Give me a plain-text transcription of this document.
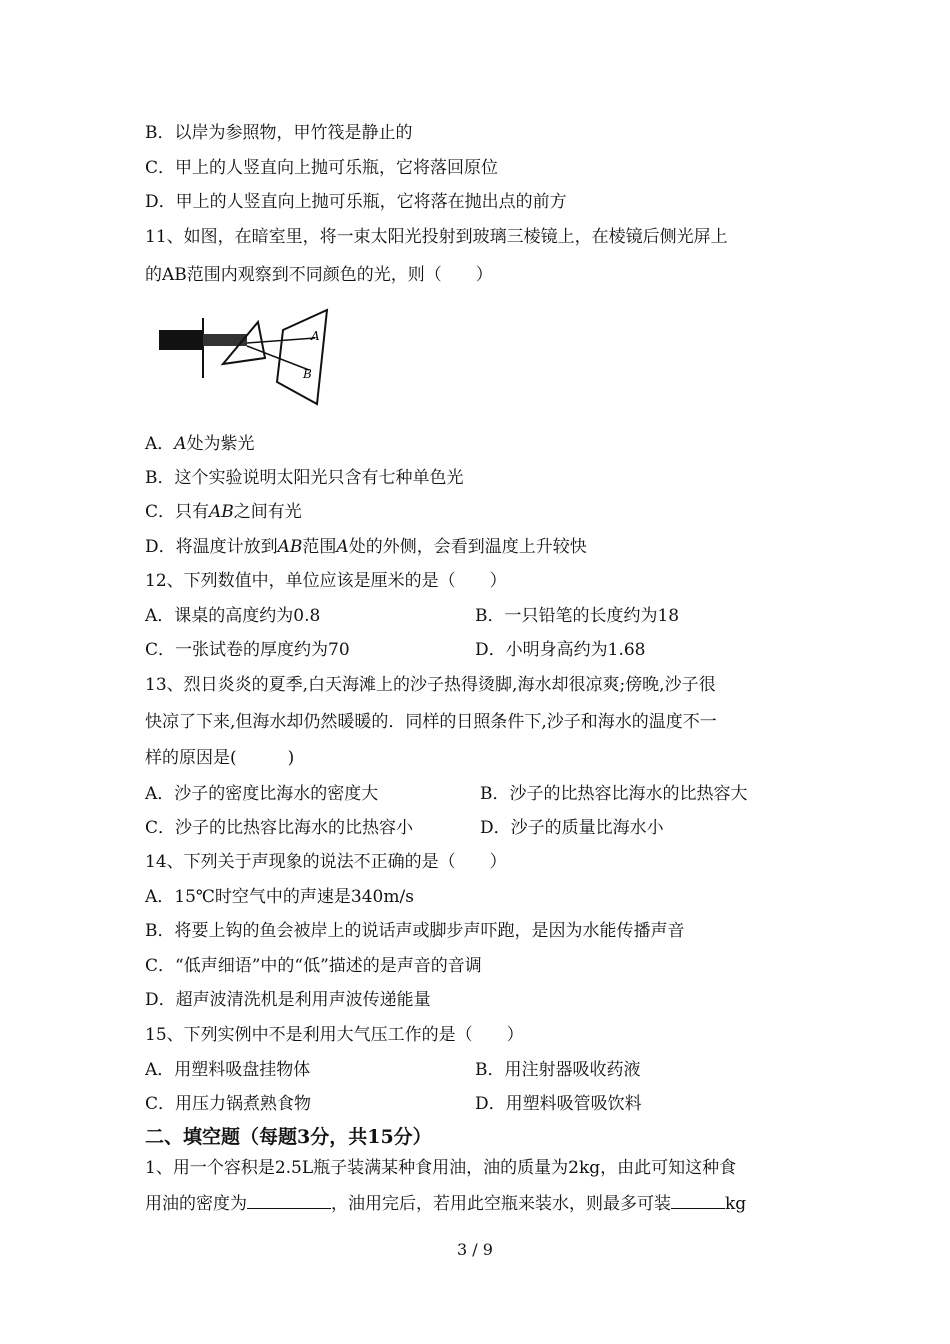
B．以岸为参照物，甲竹筏是静止的
C．甲上的人竖直向上抛可乐瓶，它将落回原位
D．甲上的人竖直向上抛可乐瓶，它将落在抛出点的前方
11、如图，在暗室里，将一束太阳光投射到玻璃三棱镜上，在棱镜后侧光屏上
的AB范围内观察到不同颜色的光，则（　　）
A
B
A．A处为紫光
B．这个实验说明太阳光只含有七种单色光
C．只有AB之间有光
D．将温度计放到AB范围A处的外侧，会看到温度上升较快
12、下列数值中，单位应该是厘米的是（　　）
A．课桌的高度约为0.8	B．一只铅笔的长度约为18
C．一张试卷的厚度约为70	D．小明身高约为1.68
13、烈日炎炎的夏季,白天海滩上的沙子热得烫脚,海水却很凉爽;傍晚,沙子很
快凉了下来,但海水却仍然暖暖的．同样的日照条件下,沙子和海水的温度不一
样的原因是(　　　)
A．沙子的密度比海水的密度大	B．沙子的比热容比海水的比热容大
C．沙子的比热容比海水的比热容小	D．沙子的质量比海水小
14、下列关于声现象的说法不正确的是（　　）
A．15℃时空气中的声速是340m/s
B．将要上钩的鱼会被岸上的说话声或脚步声吓跑，是因为水能传播声音
C．“低声细语”中的“低”描述的是声音的音调
D．超声波清洗机是利用声波传递能量
15、下列实例中不是利用大气压工作的是（　　）
A．用塑料吸盘挂物体	B．用注射器吸收药液
C．用压力锅煮熟食物	D．用塑料吸管吸饮料
二、填空题（每题3分，共15分）
1、用一个容积是2.5L瓶子装满某种食用油，油的质量为2kg，由此可知这种食
用油的密度为	，油用完后，若用此空瓶来装水，则最多可装	kg
3 / 9
